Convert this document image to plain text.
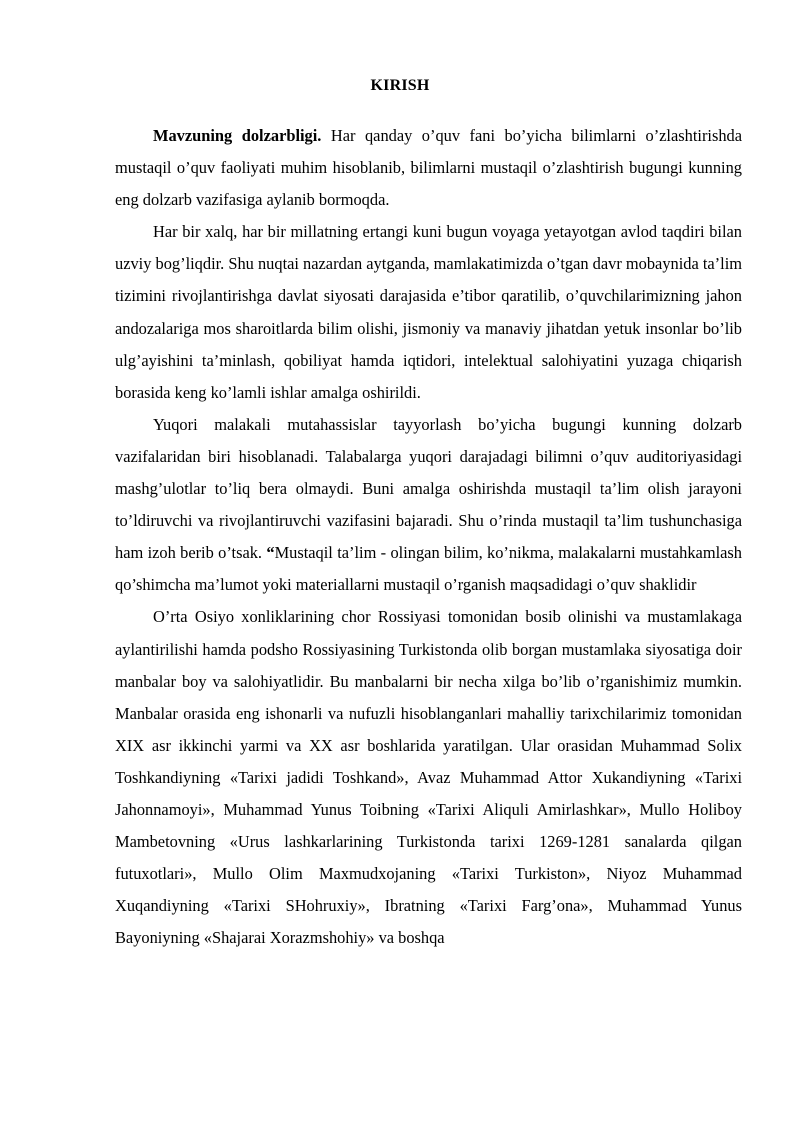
KIRISH

Mavzuning dolzarbligi. Har qanday o’quv fani bo’yicha bilimlarni o’zlashtirishda mustaqil o’quv faoliyati muhim hisoblanib, bilimlarni mustaqil o’zlashtirish bugungi kunning eng dolzarb vazifasiga aylanib bormoqda.

Har bir xalq, har bir millatning ertangi kuni bugun voyaga yetayotgan avlod taqdiri bilan uzviy bog’liqdir. Shu nuqtai nazardan aytganda, mamlakatimizda o’tgan davr mobaynida ta’lim tizimini rivojlantirishga davlat siyosati darajasida e’tibor qaratilib, o’quvchilarimizning jahon andozalariga mos sharoitlarda bilim olishi, jismoniy va manaviy jihatdan yetuk insonlar bo’lib ulg’ayishini ta’minlash, qobiliyat hamda iqtidori, intelektual salohiyatini yuzaga chiqarish borasida keng ko’lamli ishlar amalga oshirildi.

Yuqori malakali mutahassislar tayyorlash bo’yicha bugungi kunning dolzarb vazifalaridan biri hisoblanadi. Talabalarga yuqori darajadagi bilimni o’quv auditoriyasidagi mashg’ulotlar to’liq bera olmaydi. Buni amalga oshirishda mustaqil ta’lim olish jarayoni to’ldiruvchi va rivojlantiruvchi vazifasini bajaradi. Shu o’rinda mustaqil ta’lim tushunchasiga ham izoh berib o’tsak. “Mustaqil ta’lim - olingan bilim, ko’nikma, malakalarni mustahkamlash qo’shimcha ma’lumot yoki materiallarni mustaqil o’rganish maqsadidagi o’quv shaklidir

O’rta Osiyo xonliklarining chor Rossiyasi tomonidan bosib olinishi va mustamlakaga aylantirilishi hamda podsho Rossiyasining Turkistonda olib borgan mustamlaka siyosatiga doir manbalar boy va salohiyatlidir. Bu manbalarni bir necha xilga bo’lib o’rganishimiz mumkin. Manbalar orasida eng ishonarli va nufuzli hisoblanganlari mahalliy tarixchilarimiz tomonidan XIX asr ikkinchi yarmi va XX asr boshlarida yaratilgan. Ular orasidan Muhammad Solix Toshkandiyning «Tarixi jadidi Toshkand», Avaz Muhammad Attor Xukandiyning «Tarixi Jahonnamoyi», Muhammad Yunus Toibning «Tarixi Aliquli Amirlashkar», Mullo Holiboy Mambetovning «Urus lashkarlarining Turkistonda tarixi 1269-1281 sanalarda qilgan futuxotlari», Mullo Olim Maxmudxojaning «Tarixi Turkiston», Niyoz Muhammad Xuqandiyning «Tarixi SHohruxiy», Ibratning «Tarixi Farg’ona», Muhammad Yunus Bayoniyning «Shajarai Xorazmshohiy» va boshqa
